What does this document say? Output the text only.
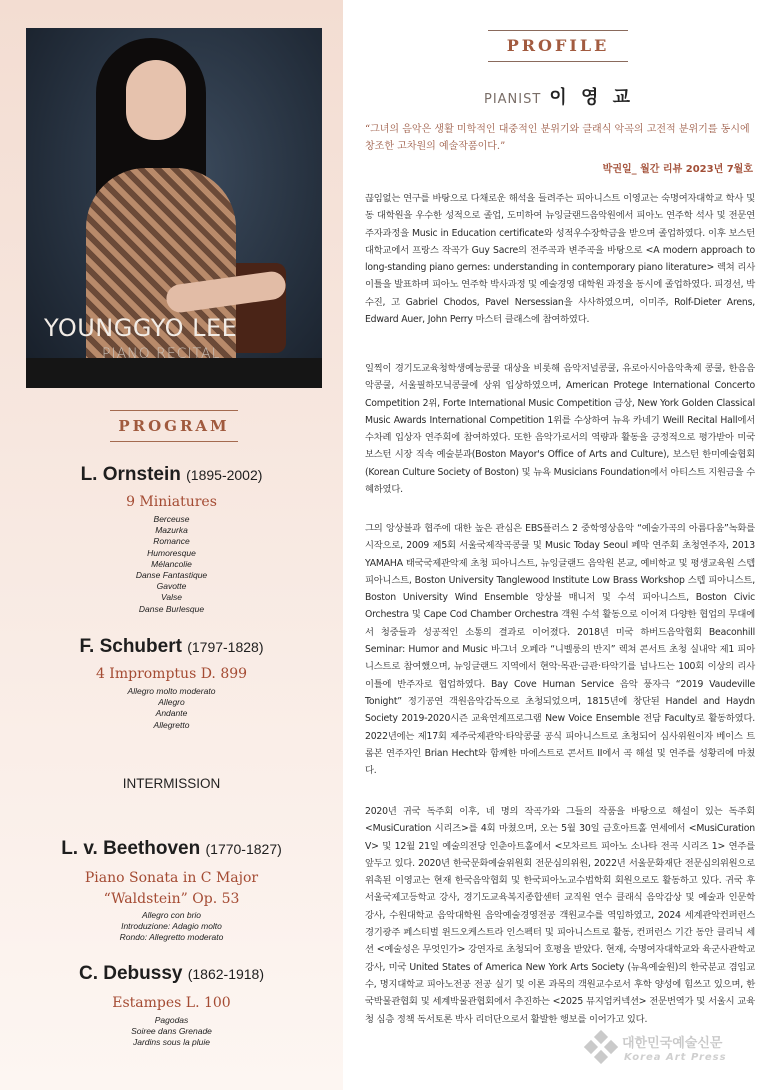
YOUNGGYO LEE
PIANO RECITAL
PROGRAM
L. Ornstein (1895-2002)
9 Miniatures
Berceuse
Mazurka
Romance
Humoresque
Mélancolie
Danse Fantastique
Gavotte
Valse
Danse Burlesque
F. Schubert (1797-1828)
4 Impromptus D. 899
Allegro molto moderato
Allegro
Andante
Allegretto
INTERMISSION
L. v. Beethoven (1770-1827)
Piano Sonata in C Major
“Waldstein” Op. 53
Allegro con brio
Introduzione: Adagio molto
Rondo: Allegretto moderato
C. Debussy (1862-1918)
Estampes L. 100
Pagodas
Soiree dans Grenade
Jardins sous la pluie
PROFILE
PIANIST 이 영 교
“그녀의 음악은 생활 미학적인 대중적인 분위기와 클래식 악곡의 고전적 분위기를 동시에 창조한 고차원의 예술작품이다.”
박권일_ 월간 리뷰 2023년 7월호
끊임없는 연구를 바탕으로 다채로운 해석을 들려주는 피아니스트 이영교는 숙명여자대학교 학사 및 동 대학원을 우수한 성적으로 졸업, 도미하여 뉴잉글랜드음악원에서 피아노 연주학 석사 및 전문연주자과정을 Music in Education certificate와 성적우수장학금을 받으며 졸업하였다. 이후 보스턴대학교에서 프랑스 작곡가 Guy Sacre의 전주곡과 변주곡을 바탕으로 <A modern approach to long-standing piano gernes: understanding in contemporary piano literature> 렉쳐 리사이틀을 발표하며 피아노 연주학 박사과정 및 예술경영 대학원 과정을 동시에 졸업하였다. 피경선, 박수진, 고 Gabriel Chodos, Pavel Nersessian을 사사하였으며, 이미주, Rolf-Dieter Arens, Edward Auer, John Perry 마스터 클래스에 참여하였다.
일찍이 경기도교육청학생예능콩쿨 대상을 비롯해 음악저널콩쿨, 유로아시아음악축제 콩쿨, 한음음악콩쿨, 서울필하모닉콩쿨에 상위 입상하였으며, American Protege International Concerto Competition 2위, Forte International Music Competition 금상, New York Golden Classical Music Awards International Competition 1위를 수상하여 뉴욕 카네기 Weill Recital Hall에서 수차례 입상자 연주회에 참여하였다. 또한 음악가로서의 역량과 활동을 긍정적으로 평가받아 미국 보스턴 시장 직속 예술분과(Boston Mayor's Office of Arts and Culture), 보스턴 한미예술협회(Korean Culture Society of Boston) 및 뉴욕 Musicians Foundation에서 아티스트 지원금을 수혜하였다.
그의 앙상블과 협주에 대한 높은 관심은 EBS플러스 2 중학영상음악 “예술가곡의 아름다움”녹화를 시작으로, 2009 제5회 서울국제작곡콩쿨 및 Music Today Seoul 페막 연주회 초청연주자, 2013 YAMAHA 태국국제관악제 초청 피아니스트, 뉴잉글랜드 음악원 본교, 예비학교 및 평생교육원 스텝 피아니스트, Boston University Tanglewood Institute Low Brass Workshop 스텝 피아니스트, Boston University Wind Ensemble 앙상블 매니저 및 수석 피아니스트, Boston Civic Orchestra 및 Cape Cod Chamber Orchestra 객원 수석 활동으로 이어져 다양한 협업의 무대에서 청중들과 성공적인 소통의 결과로 이어졌다. 2018년 미국 하버드음악협회 Beaconhill Seminar: Humor and Music 바그너 오페라 “니벨룽의 반지” 렉쳐 콘서트 초청 실내악 제1 피아니스트로 참여했으며, 뉴잉글랜드 지역에서 현악·목관·금관·타악기를 넘나드는 100회 이상의 리사이틀에 반주자로 협업하였다. Bay Cove Human Service 음악 풍자극 “2019 Vaudeville Tonight” 정기공연 객원음악감독으로 초청되었으며, 1815년에 창단된 Handel and Haydn Society 2019-2020시즌 교육연계프로그램 New Voice Ensemble 전담 Faculty로 활동하였다. 2022년에는 제17회 제주국제관악·타악콩쿨 공식 피아니스트로 초청되어 심사위원이자 베이스 트롬본 연주자인 Brian Hecht와 함께한 마에스트로 콘서트 II에서 곡 해설 및 연주를 성황리에 마쳤다.
2020년 귀국 독주회 이후, 네 명의 작곡가와 그들의 작품을 바탕으로 해설이 있는 독주회 <MusiCuration 시리즈>를 4회 마쳤으며, 오는 5월 30일 금호아트홀 연세에서 <MusiCuration V> 및 12월 21일 예술의전당 인춘아트홀에서 <모차르트 피아노 소나타 전곡 시리즈 1> 연주를 앞두고 있다. 2020년 한국문화예술위원회 전문심의위원, 2022년 서울문화재단 전문심의위원으로 위촉된 이영교는 현재 한국음악협회 및 한국피아노교수법학회 회원으로도 활동하고 있다. 귀국 후 서울국제고등학교 강사, 경기도교육복지종합센터 교직원 연수 클래식 음악감상 및 예술과 인문학 강사, 수원대학교 음악대학원 음악예술경영전공 객원교수를 역임하였고, 2024 세계관악컨퍼런스 경기광주 페스티벌 윈드오케스트라 인스펙터 및 피아니스트로 활동, 컨퍼런스 기간 동안 클리닉 세션 <예술성은 무엇인가> 강연자로 초청되어 호평을 받았다. 현재, 숙명여자대학교와 육군사관학교 강사, 미국 United States of America New York Arts Society (뉴욕예술원)의 한국분교 겸임교수, 명지대학교 피아노전공 전공 실기 및 이론 과목의 객원교수로서 후학 양성에 힘쓰고 있으며, 한국박물관협회 및 세계박물관협회에서 추진하는 <2025 뮤지엄커넥션> 전문번역가 및 서울시 교육청 심층 정책 독서토론 박사 리더단으로서 활발한 행보를 이어가고 있다.
대한민국예술신문
Korea Art Press
